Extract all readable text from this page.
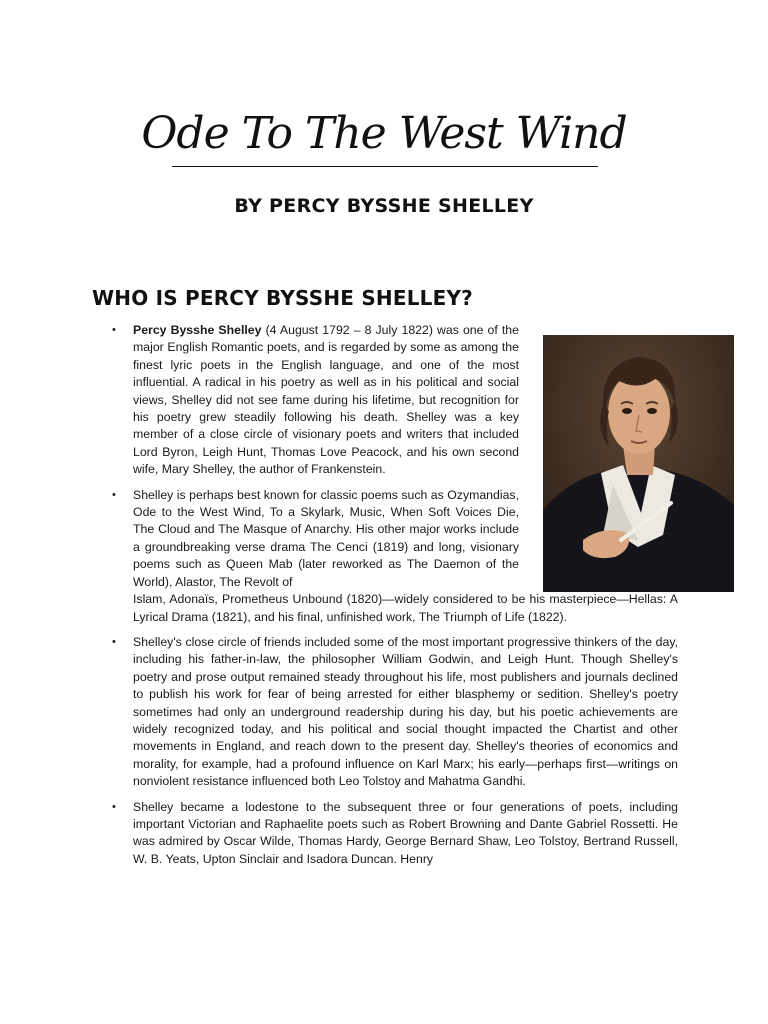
Ode To The West Wind
BY PERCY BYSSHE SHELLEY
WHO IS PERCY BYSSHE SHELLEY?
• Percy Bysshe Shelley (4 August 1792 – 8 July 1822) was one of the major English Romantic poets, and is regarded by some as among the finest lyric poets in the English language, and one of the most influential. A radical in his poetry as well as in his political and social views, Shelley did not see fame during his lifetime, but recognition for his poetry grew steadily following his death. Shelley was a key member of a close circle of visionary poets and writers that included Lord Byron, Leigh Hunt, Thomas Love Peacock, and his own second wife, Mary Shelley, the author of Frankenstein.
• Shelley is perhaps best known for classic poems such as Ozymandias, Ode to the West Wind, To a Skylark, Music, When Soft Voices Die, The Cloud and The Masque of Anarchy. His other major works include a groundbreaking verse drama The Cenci (1819) and long, visionary poems such as Queen Mab (later reworked as The Daemon of the World), Alastor, The Revolt of
Islam, Adonaïs, Prometheus Unbound (1820)—widely considered to be his masterpiece—Hellas: A Lyrical Drama (1821), and his final, unfinished work, The Triumph of Life (1822).
• Shelley's close circle of friends included some of the most important progressive thinkers of the day, including his father-in-law, the philosopher William Godwin, and Leigh Hunt. Though Shelley's poetry and prose output remained steady throughout his life, most publishers and journals declined to publish his work for fear of being arrested for either blasphemy or sedition. Shelley's poetry sometimes had only an underground readership during his day, but his poetic achievements are widely recognized today, and his political and social thought impacted the Chartist and other movements in England, and reach down to the present day. Shelley's theories of economics and morality, for example, had a profound influence on Karl Marx; his early—perhaps first—writings on nonviolent resistance influenced both Leo Tolstoy and Mahatma Gandhi.
• Shelley became a lodestone to the subsequent three or four generations of poets, including important Victorian and Raphaelite poets such as Robert Browning and Dante Gabriel Rossetti. He was admired by Oscar Wilde, Thomas Hardy, George Bernard Shaw, Leo Tolstoy, Bertrand Russell, W. B. Yeats, Upton Sinclair and Isadora Duncan. Henry
